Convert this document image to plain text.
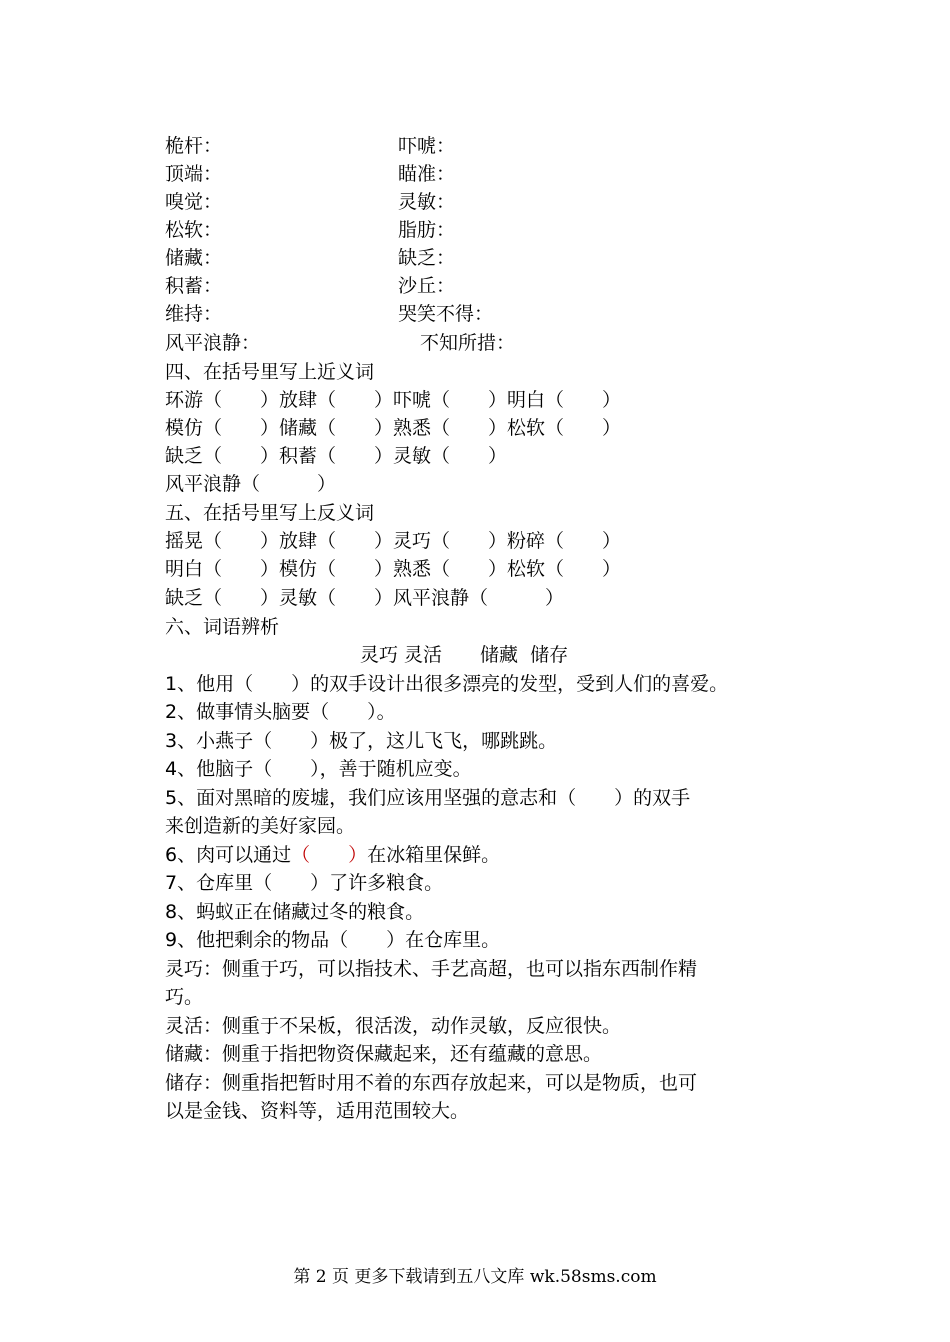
桅杆：	吓唬：
顶端：	瞄准：
嗅觉：	灵敏：
松软：	脂肪：
储藏：	缺乏：
积蓄：	沙丘：
维持：	哭笑不得：
风平浪静：	不知所措：
四、在括号里写上近义词
环游（　　）放肆（　　）吓唬（　　）明白（　　）
模仿（　　）储藏（　　）熟悉（　　）松软（　　）
缺乏（　　）积蓄（　　）灵敏（　　）
风平浪静（　　　）
五、在括号里写上反义词
摇晃（　　）放肆（　　）灵巧（　　）粉碎（　　）
明白（　　）模仿（　　）熟悉（　　）松软（　　）
缺乏（　　）灵敏（　　）风平浪静（　　　）
六、词语辨析
灵巧 灵活　　储藏  储存
1、他用（　　）的双手设计出很多漂亮的发型，受到人们的喜爱。
2、做事情头脑要（　　）。
3、小燕子（　　）极了，这儿飞飞，哪跳跳。
4、他脑子（　　），善于随机应变。
5、面对黑暗的废墟，我们应该用坚强的意志和（　　）的双手
来创造新的美好家园。
6、肉可以通过（　　）在冰箱里保鲜。
7、仓库里（　　）了许多粮食。
8、蚂蚁正在储藏过冬的粮食。
9、他把剩余的物品（　　）在仓库里。
灵巧：侧重于巧，可以指技术、手艺高超，也可以指东西制作精
巧。
灵活：侧重于不呆板，很活泼，动作灵敏，反应很快。
储藏：侧重于指把物资保藏起来，还有蕴藏的意思。
储存：侧重指把暂时用不着的东西存放起来，可以是物质，也可
以是金钱、资料等，适用范围较大。
第 2 页 更多下载请到五八文库 wk.58sms.com
